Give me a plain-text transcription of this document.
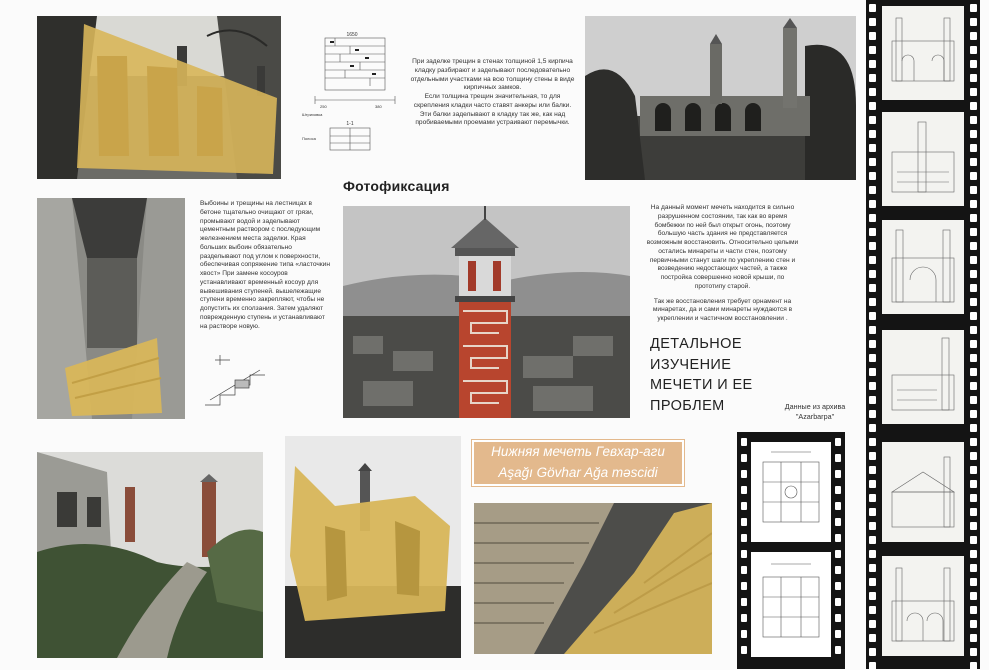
1650
Штриховка
Полоса
1-1
250	380
При заделке трещин в стенах толщиной 1,5 кирпича кладку разбирают и заделывают последовательно отдельными участками на всю толщину стены в виде кирпичных замков.
Если толщина трещин значительная, то для скрепления кладки часто ставят анкеры или балки. Эти балки заделывают в кладку так же, как над пробиваемыми проемами устраивают перемычки.
Фотофиксация
Выбоины и трещины на лестницах в бетоне тщательно очищают от грязи, промывают водой и заделывают цементным раствором с последующим железнением места заделки. Края больших выбоин обязательно разделывают под углом к поверхности, обеспечивая сопряжение типа «ласточкин хвост» При замене косоуров устанавливают временный косоур для вывешивания ступеней. вышележащие ступени временно закрепляют, чтобы не допустить их сползания. Затем удаляют поврежденную ступень и устанавливают на растворе новую.
На данный момент мечеть находится в сильно разрушенном состоянии, так как во время бомбежки по ней был открыт огонь, поэтому большую часть здания не представляется возможным восстановить. Относительно целыми остались минареты и части стен, поэтому первичными станут шаги по укреплению стен и возведению недостающих частей, а также постройка совершенно новой крыши, по прототипу старой.
Так же восстановления требует орнамент на минаретах, да и сами минареты нуждаются в укреплении и частичном восстановлении .
ДЕТАЛЬНОЕ
ИЗУЧЕНИЕ
МЕЧЕТИ И ЕЕ
ПРОБЛЕМ	Данные из архива
"Azarbarpa"
Нижняя мечеть Гевхар-аги
Aşağı Gövhar Ağa məscidi
